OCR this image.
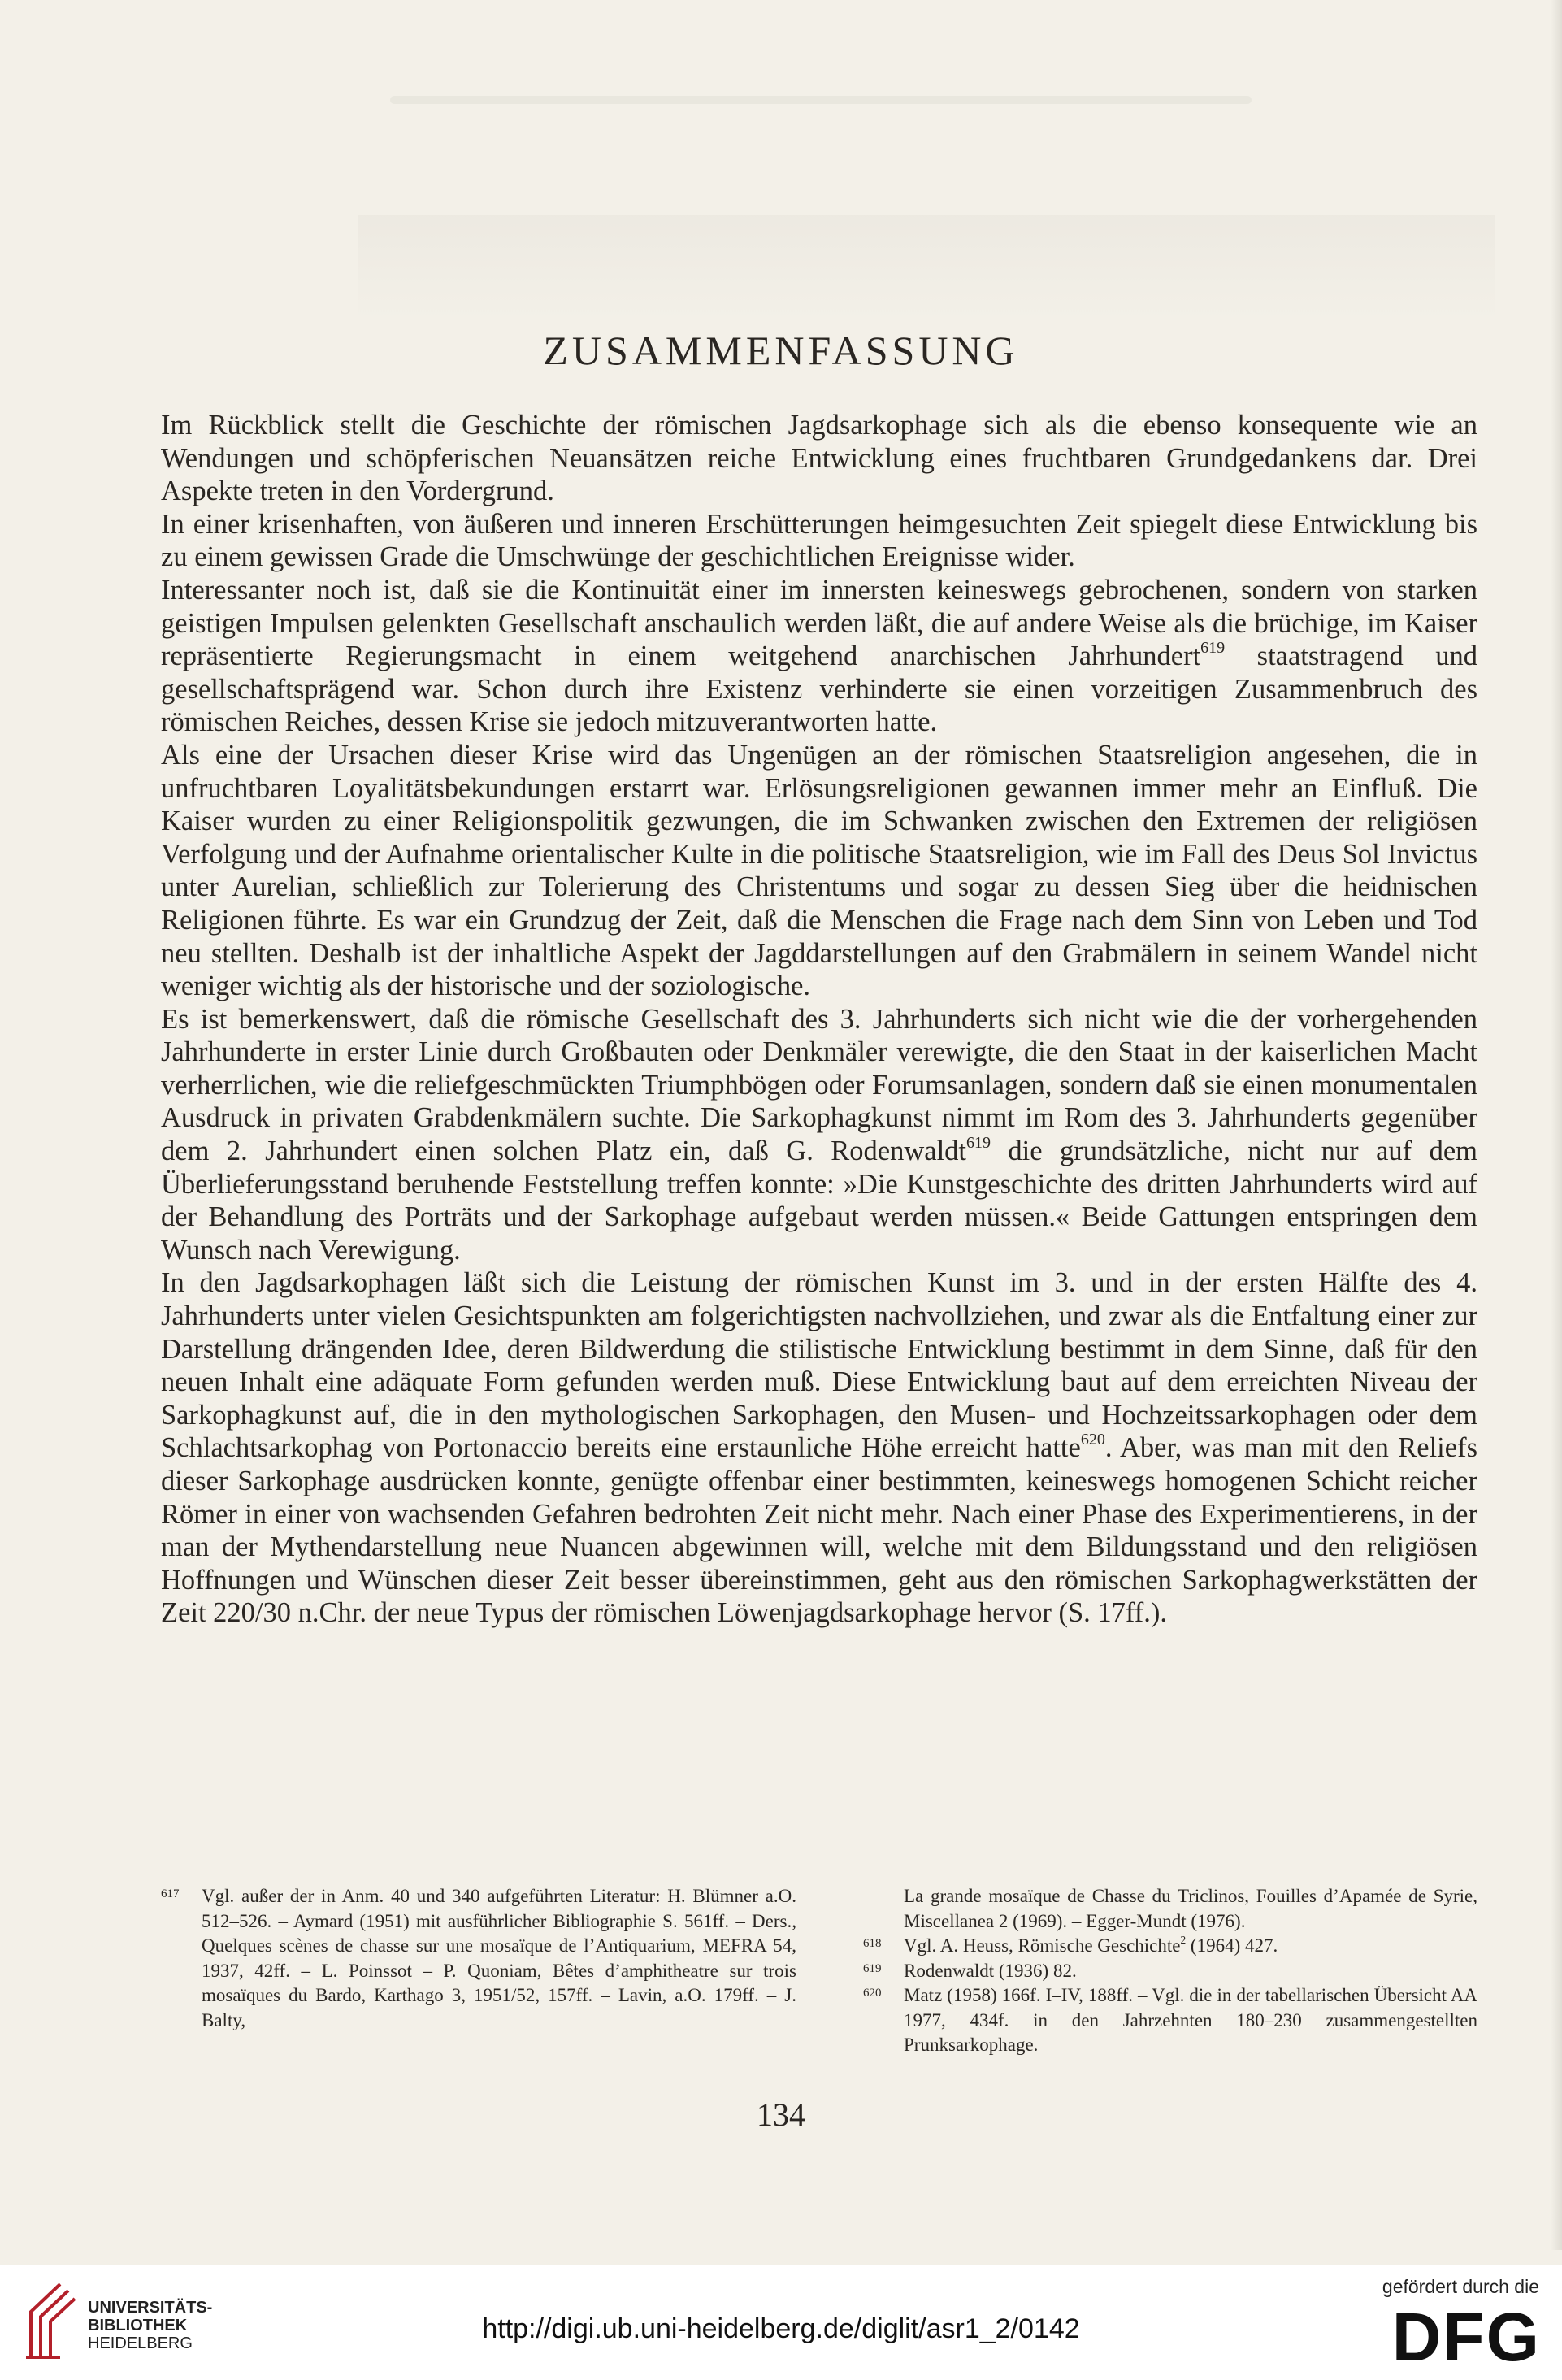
ZUSAMMENFASSUNG

Im Rückblick stellt die Geschichte der römischen Jagdsarkophage sich als die ebenso konsequente wie an Wendungen und schöpferischen Neuansätzen reiche Entwicklung eines fruchtbaren Grundgedankens dar. Drei Aspekte treten in den Vordergrund.

In einer krisenhaften, von äußeren und inneren Erschütterungen heimgesuchten Zeit spiegelt diese Entwicklung bis zu einem gewissen Grade die Umschwünge der geschichtlichen Ereignisse wider.

Interessanter noch ist, daß sie die Kontinuität einer im innersten keineswegs gebrochenen, sondern von starken geistigen Impulsen gelenkten Gesellschaft anschaulich werden läßt, die auf andere Weise als die brüchige, im Kaiser repräsentierte Regierungsmacht in einem weitgehend anarchischen Jahrhundert$^{619}$ staatstragend und gesellschaftsprägend war. Schon durch ihre Existenz verhinderte sie einen vorzeitigen Zusammenbruch des römischen Reiches, dessen Krise sie jedoch mitzuverantworten hatte.

Als eine der Ursachen dieser Krise wird das Ungenügen an der römischen Staatsreligion angesehen, die in unfruchtbaren Loyalitätsbekundungen erstarrt war. Erlösungsreligionen gewannen immer mehr an Einfluß. Die Kaiser wurden zu einer Religionspolitik gezwungen, die im Schwanken zwischen den Extremen der religiösen Verfolgung und der Aufnahme orientalischer Kulte in die politische Staatsreligion, wie im Fall des Deus Sol Invictus unter Aurelian, schließlich zur Tolerierung des Christentums und sogar zu dessen Sieg über die heidnischen Religionen führte. Es war ein Grundzug der Zeit, daß die Menschen die Frage nach dem Sinn von Leben und Tod neu stellten. Deshalb ist der inhaltliche Aspekt der Jagddarstellungen auf den Grabmälern in seinem Wandel nicht weniger wichtig als der historische und der soziologische.

Es ist bemerkenswert, daß die römische Gesellschaft des 3. Jahrhunderts sich nicht wie die der vorhergehenden Jahrhunderte in erster Linie durch Großbauten oder Denkmäler verewigte, die den Staat in der kaiserlichen Macht verherrlichen, wie die reliefgeschmückten Triumphbögen oder Forumsanlagen, sondern daß sie einen monumentalen Ausdruck in privaten Grabdenkmälern suchte. Die Sarkophagkunst nimmt im Rom des 3. Jahrhunderts gegenüber dem 2. Jahrhundert einen solchen Platz ein, daß G. Rodenwaldt$^{619}$ die grundsätzliche, nicht nur auf dem Überlieferungsstand beruhende Feststellung treffen konnte: »Die Kunstgeschichte des dritten Jahrhunderts wird auf der Behandlung des Porträts und der Sarkophage aufgebaut werden müssen.« Beide Gattungen entspringen dem Wunsch nach Verewigung.

In den Jagdsarkophagen läßt sich die Leistung der römischen Kunst im 3. und in der ersten Hälfte des 4. Jahrhunderts unter vielen Gesichtspunkten am folgerichtigsten nachvollziehen, und zwar als die Entfaltung einer zur Darstellung drängenden Idee, deren Bildwerdung die stilistische Entwicklung bestimmt in dem Sinne, daß für den neuen Inhalt eine adäquate Form gefunden werden muß. Diese Entwicklung baut auf dem erreichten Niveau der Sarkophagkunst auf, die in den mythologischen Sarkophagen, den Musen- und Hochzeitssarkophagen oder dem Schlachtsarkophag von Portonaccio bereits eine erstaunliche Höhe erreicht hatte$^{620}$. Aber, was man mit den Reliefs dieser Sarkophage ausdrücken konnte, genügte offenbar einer bestimmten, keineswegs homogenen Schicht reicher Römer in einer von wachsenden Gefahren bedrohten Zeit nicht mehr. Nach einer Phase des Experimentierens, in der man der Mythendarstellung neue Nuancen abgewinnen will, welche mit dem Bildungsstand und den religiösen Hoffnungen und Wünschen dieser Zeit besser übereinstimmen, geht aus den römischen Sarkophagwerkstätten der Zeit 220/30 n.Chr. der neue Typus der römischen Löwenjagdsarkophage hervor (S. 17ff.).

617 Vgl. außer der in Anm. 40 und 340 aufgeführten Literatur: H. Blümner a.O. 512–526. – Aymard (1951) mit ausführlicher Bibliographie S. 561ff. – Ders., Quelques scènes de chasse sur une mosaïque de l’Antiquarium, MEFRA 54, 1937, 42ff. – L. Poinssot – P. Quoniam, Bêtes d’amphitheatre sur trois mosaïques du Bardo, Karthago 3, 1951/52, 157ff. – Lavin, a.O. 179ff. – J. Balty,
La grande mosaïque de Chasse du Triclinos, Fouilles d’Apamée de Syrie, Miscellanea 2 (1969). – Egger-Mundt (1976).
618 Vgl. A. Heuss, Römische Geschichte$^2$ (1964) 427.
619 Rodenwaldt (1936) 82.
620 Matz (1958) 166f. I–IV, 188ff. – Vgl. die in der tabellarischen Übersicht AA 1977, 434f. in den Jahrzehnten 180–230 zusammengestellten Prunksarkophage.
134
UNIVERSITÄTS-
BIBLIOTHEK
HEIDELBERG	http://digi.ub.uni-heidelberg.de/diglit/asr1_2/0142
gefördert durch die
DFG
